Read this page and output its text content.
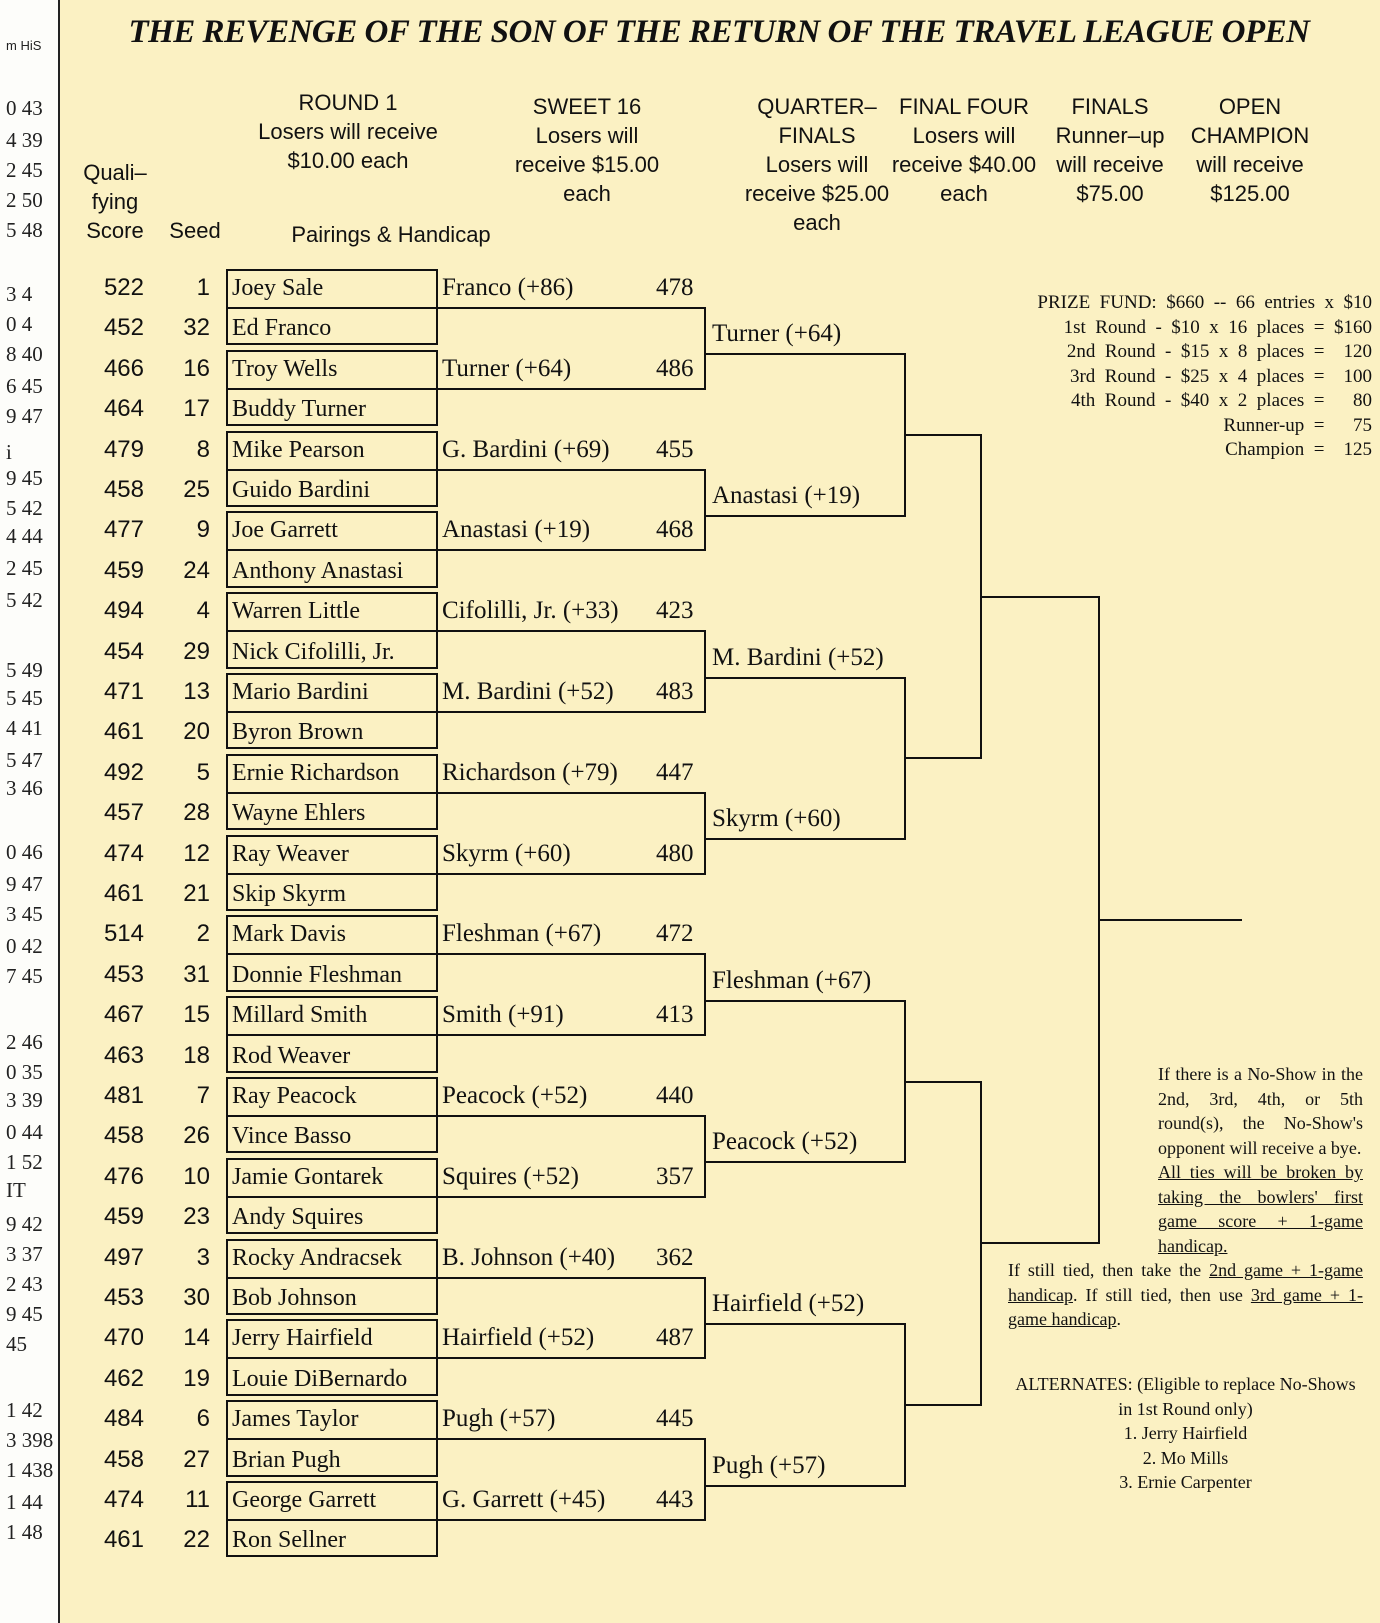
m HiS
0 43
4 39
2 45
2 50
5 48
3 4
0 4
8 40
6 45
9 47
i
9 45
5 42
4 44
2 45
5 42
5 49
5 45
4 41
5 47
3 46
0 46
9 47
3 45
0 42
7 45
2 46
0 35
3 39
0 44
1 52
IT
9 42
3 37
2 43
9 45
45
1 42
3 398
1 438
1 44
1 48
THE REVENGE OF THE SON OF THE RETURN OF THE TRAVEL LEAGUE OPEN
Quali–
fying
Score	Seed	Pairings & Handicap
ROUND 1
Losers will receive
$10.00 each
SWEET 16
Losers will
receive $15.00
each
QUARTER–
FINALS
Losers will
receive $25.00
each
FINAL FOUR
Losers will
receive $40.00
each
FINALS
Runner–up
will receive
$75.00
OPEN
CHAMPION
will receive
$125.00
522	1 Joey Sale
452	32 Ed Franco
466	16 Troy Wells
464	17 Buddy Turner
479	8 Mike Pearson
458	25 Guido Bardini
477	9 Joe Garrett
459	24 Anthony Anastasi
494	4 Warren Little
454	29 Nick Cifolilli, Jr.
471	13 Mario Bardini
461	20 Byron Brown
492	5 Ernie Richardson
457	28 Wayne Ehlers
474	12 Ray Weaver
461	21 Skip Skyrm
514	2 Mark Davis
453	31 Donnie Fleshman
467	15 Millard Smith
463	18 Rod Weaver
481	7 Ray Peacock
458	26 Vince Basso
476	10 Jamie Gontarek
459	23 Andy Squires
497	3 Rocky Andracsek
453	30 Bob Johnson
470	14 Jerry Hairfield
462	19 Louie DiBernardo
484	6 James Taylor
458	27 Brian Pugh
474	11 George Garrett
461	22 Ron Sellner
Franco (+86)	478
Turner (+64)	486
G. Bardini (+69) 455
Anastasi (+19)	468
Cifolilli, Jr. (+33) 423
M. Bardini (+52) 483
Richardson (+79) 447
Skyrm (+60)	480
Fleshman (+67) 472
Smith (+91)	413
Peacock (+52)	440
Squires (+52)	357
B. Johnson (+40) 362
Hairfield (+52) 487
Pugh (+57)	445
G. Garrett (+45) 443
Turner (+64)
Anastasi (+19)
M. Bardini (+52)
Skyrm (+60)
Fleshman (+67)
Peacock (+52)
Hairfield (+52)
Pugh (+57)
PRIZE  FUND:  $660  --  66  entries  x  $10
1st  Round  -  $10  x  16  places  =  $160
2nd  Round  -  $15  x  8  places  =    120
3rd  Round  -  $25  x  4  places  =    100
4th  Round  -  $40  x  2  places  =      80
Runner-up  =      75
Champion  =    125
If there is a No-Show in the 2nd, 3rd, 4th, or 5th round(s), the No-Show's opponent will receive a bye.
All ties will be broken by taking the bowlers' first game score + 1-game handicap.
If still tied, then take the 2nd game + 1-game handicap. If still tied, then use 3rd game + 1-game handicap.
ALTERNATES: (Eligible to replace No-Shows in 1st Round only)
1. Jerry Hairfield
2. Mo Mills
3. Ernie Carpenter
